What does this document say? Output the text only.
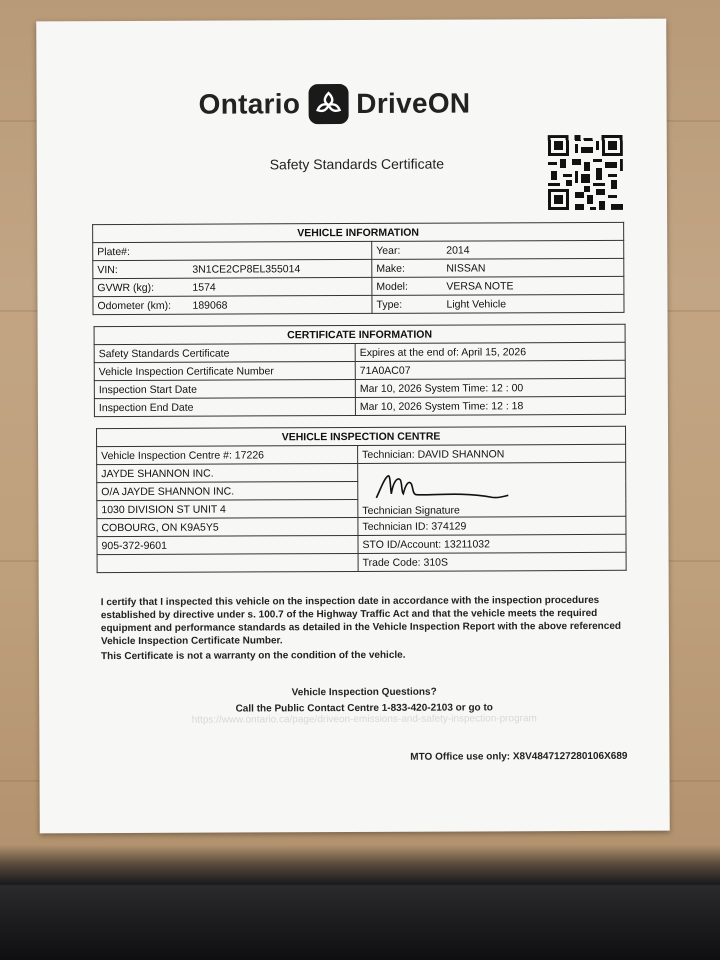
Ontario DriveON
Safety Standards Certificate
VEHICLE INFORMATION	
Plate#:	Year: 2014
VIN: 3N1CE2CP8EL355014	Make: NISSAN
GVWR (kg): 1574	Model: VERSA NOTE
Odometer (km): 189068	Type: Light Vehicle
CERTIFICATE INFORMATION	
Safety Standards Certificate	Expires at the end of: April 15, 2026
Vehicle Inspection Certificate Number	71A0AC07
Inspection Start Date	Mar 10, 2026 System Time: 12 : 00
Inspection End Date	Mar 10, 2026 System Time: 12 : 18
VEHICLE INSPECTION CENTRE	
Vehicle Inspection Centre #: 17226	Technician: DAVID SHANNON
JAYDE SHANNON INC.	Technician Signature
O/A JAYDE SHANNON INC.	
1030 DIVISION ST UNIT 4	
COBOURG, ON K9A5Y5	Technician ID: 374129
905-372-9601	STO ID/Account: 13211032
	Trade Code: 310S

I certify that I inspected this vehicle on the inspection date in accordance with the inspection procedures established by directive under s. 100.7 of the Highway Traffic Act and that the vehicle meets the required equipment and performance standards as detailed in the Vehicle Inspection Report with the above referenced Vehicle Inspection Certificate Number.

This Certificate is not a warranty on the condition of the vehicle.

Vehicle Inspection Questions?
Call the Public Contact Centre 1-833-420-2103 or go to
https://www.ontario.ca/page/driveon-emissions-and-safety-inspection-program
MTO Office use only: X8V4847127280106X689
